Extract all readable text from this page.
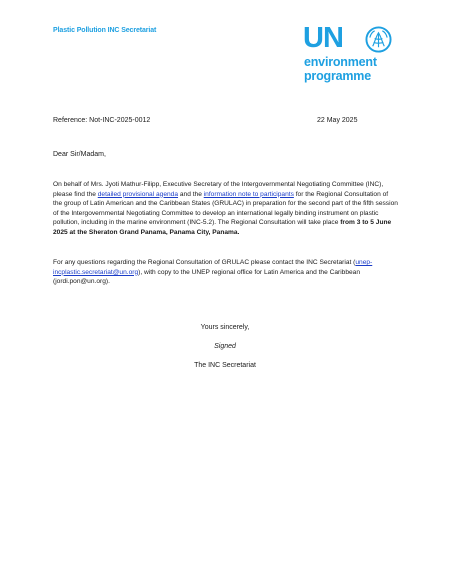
Plastic Pollution INC Secretariat	UN
environment
programme
Reference: Not-INC-2025-0012	22 May 2025
Dear Sir/Madam,
On behalf of Mrs. Jyoti Mathur-Filipp, Executive Secretary of the Intergovernmental Negotiating Committee (INC), please find the detailed provisional agenda and the information note to participants for the Regional Consultation of the group of Latin American and the Caribbean States (GRULAC) in preparation for the second part of the fifth session of the Intergovernmental Negotiating Committee to develop an international legally binding instrument on plastic pollution, including in the marine environment (INC-5.2). The Regional Consultation will take place from 3 to 5 June 2025 at the Sheraton Grand Panama, Panama City, Panama.
For any questions regarding the Regional Consultation of GRULAC please contact the INC Secretariat (unep-incplastic.secretariat@un.org), with copy to the UNEP regional office for Latin America and the Caribbean (jordi.pon@un.org).
Yours sincerely,
Signed
The INC Secretariat
